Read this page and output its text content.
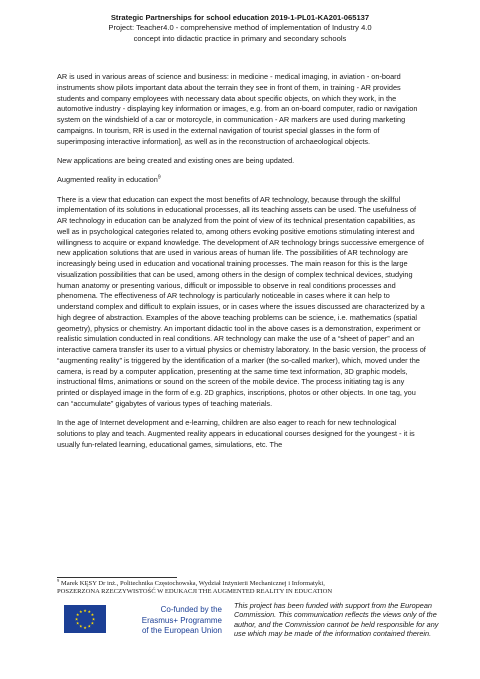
Strategic Partnerships for school education 2019-1-PL01-KA201-065137
Project: Teacher4.0 - comprehensive method of implementation of Industry 4.0
concept into didactic practice in primary and secondary schools

AR is used in various areas of science and business: in medicine - medical imaging, in aviation - on-board instruments show pilots important data about the terrain they see in front of them, in training - AR provides students and company employees with necessary data about specific objects, on which they work, in the automotive industry - displaying key information or images, e.g. from an on-board computer, radio or navigation system on the windshield of a car or motorcycle, in communication - AR markers are used during marketing campaigns. In tourism, RR is used in the external navigation of tourist special glasses in the form of superimposing interactive information], as well as in the reconstruction of archaeological objects.

New applications are being created and existing ones are being updated.

Augmented reality in education$^9$

There is a view that education can expect the most benefits of AR technology, because through the skillful implementation of its solutions in educational processes, all its teaching assets can be used. The usefulness of AR technology in education can be analyzed from the point of view of its technical presentation capabilities, as well as in psychological categories related to, among others evoking positive emotions stimulating interest and willingness to acquire or expand knowledge. The development of AR technology brings successive emergence of new application solutions that are used in various areas of human life. The possibilities of AR technology are increasingly being used in education and vocational training processes. The main reason for this is the large visualization possibilities that can be used, among others in the design of complex technical devices, studying human anatomy or presenting various, difficult or impossible to observe in real conditions processes and phenomena. The effectiveness of AR technology is particularly noticeable in cases where it can help to understand complex and difficult to explain issues, or in cases where the issues discussed are characterized by a high degree of abstraction. Examples of the above teaching problems can be science, i.e. mathematics (spatial geometry), physics or chemistry. An important didactic tool in the above cases is a demonstration, experiment or realistic simulation conducted in real conditions. AR technology can make the use of a “sheet of paper” and an interactive camera transfer its user to a virtual physics or chemistry laboratory. In the basic version, the process of “augmenting reality” is triggered by the identification of a marker (the so-called marker), which, moved under the camera, is read by a computer application, presenting at the same time text information, 3D graphic models, instructional films, animations or sound on the screen of the mobile device. The process initiating tag is any printed or displayed image in the form of e.g. 2D graphics, inscriptions, photos or other objects. In one tag, you can “accumulate” gigabytes of various types of teaching materials.

In the age of Internet development and e-learning, children are also eager to reach for new technological solutions to play and teach. Augmented reality appears in educational courses designed for the youngest - it is usually fun-related learning, educational games, simulations, etc. The

$^9$ Marek KĘSY Dr inż., Politechnika Częstochowska, Wydział Inżynierii Mechanicznej i Informatyki,
POSZERZONA RZECZYWISTOŚĆ W EDUKACJI THE AUGMENTED REALITY IN EDUCATION
★ ★
★
★
★
★
★
★
★
★
★
★	Co-funded by the
Erasmus+ Programme
of the European Union
This project has been funded with support from the European Commission. This communication reflects the views only of the author, and the Commission cannot be held responsible for any use which may be made of the information contained therein.
